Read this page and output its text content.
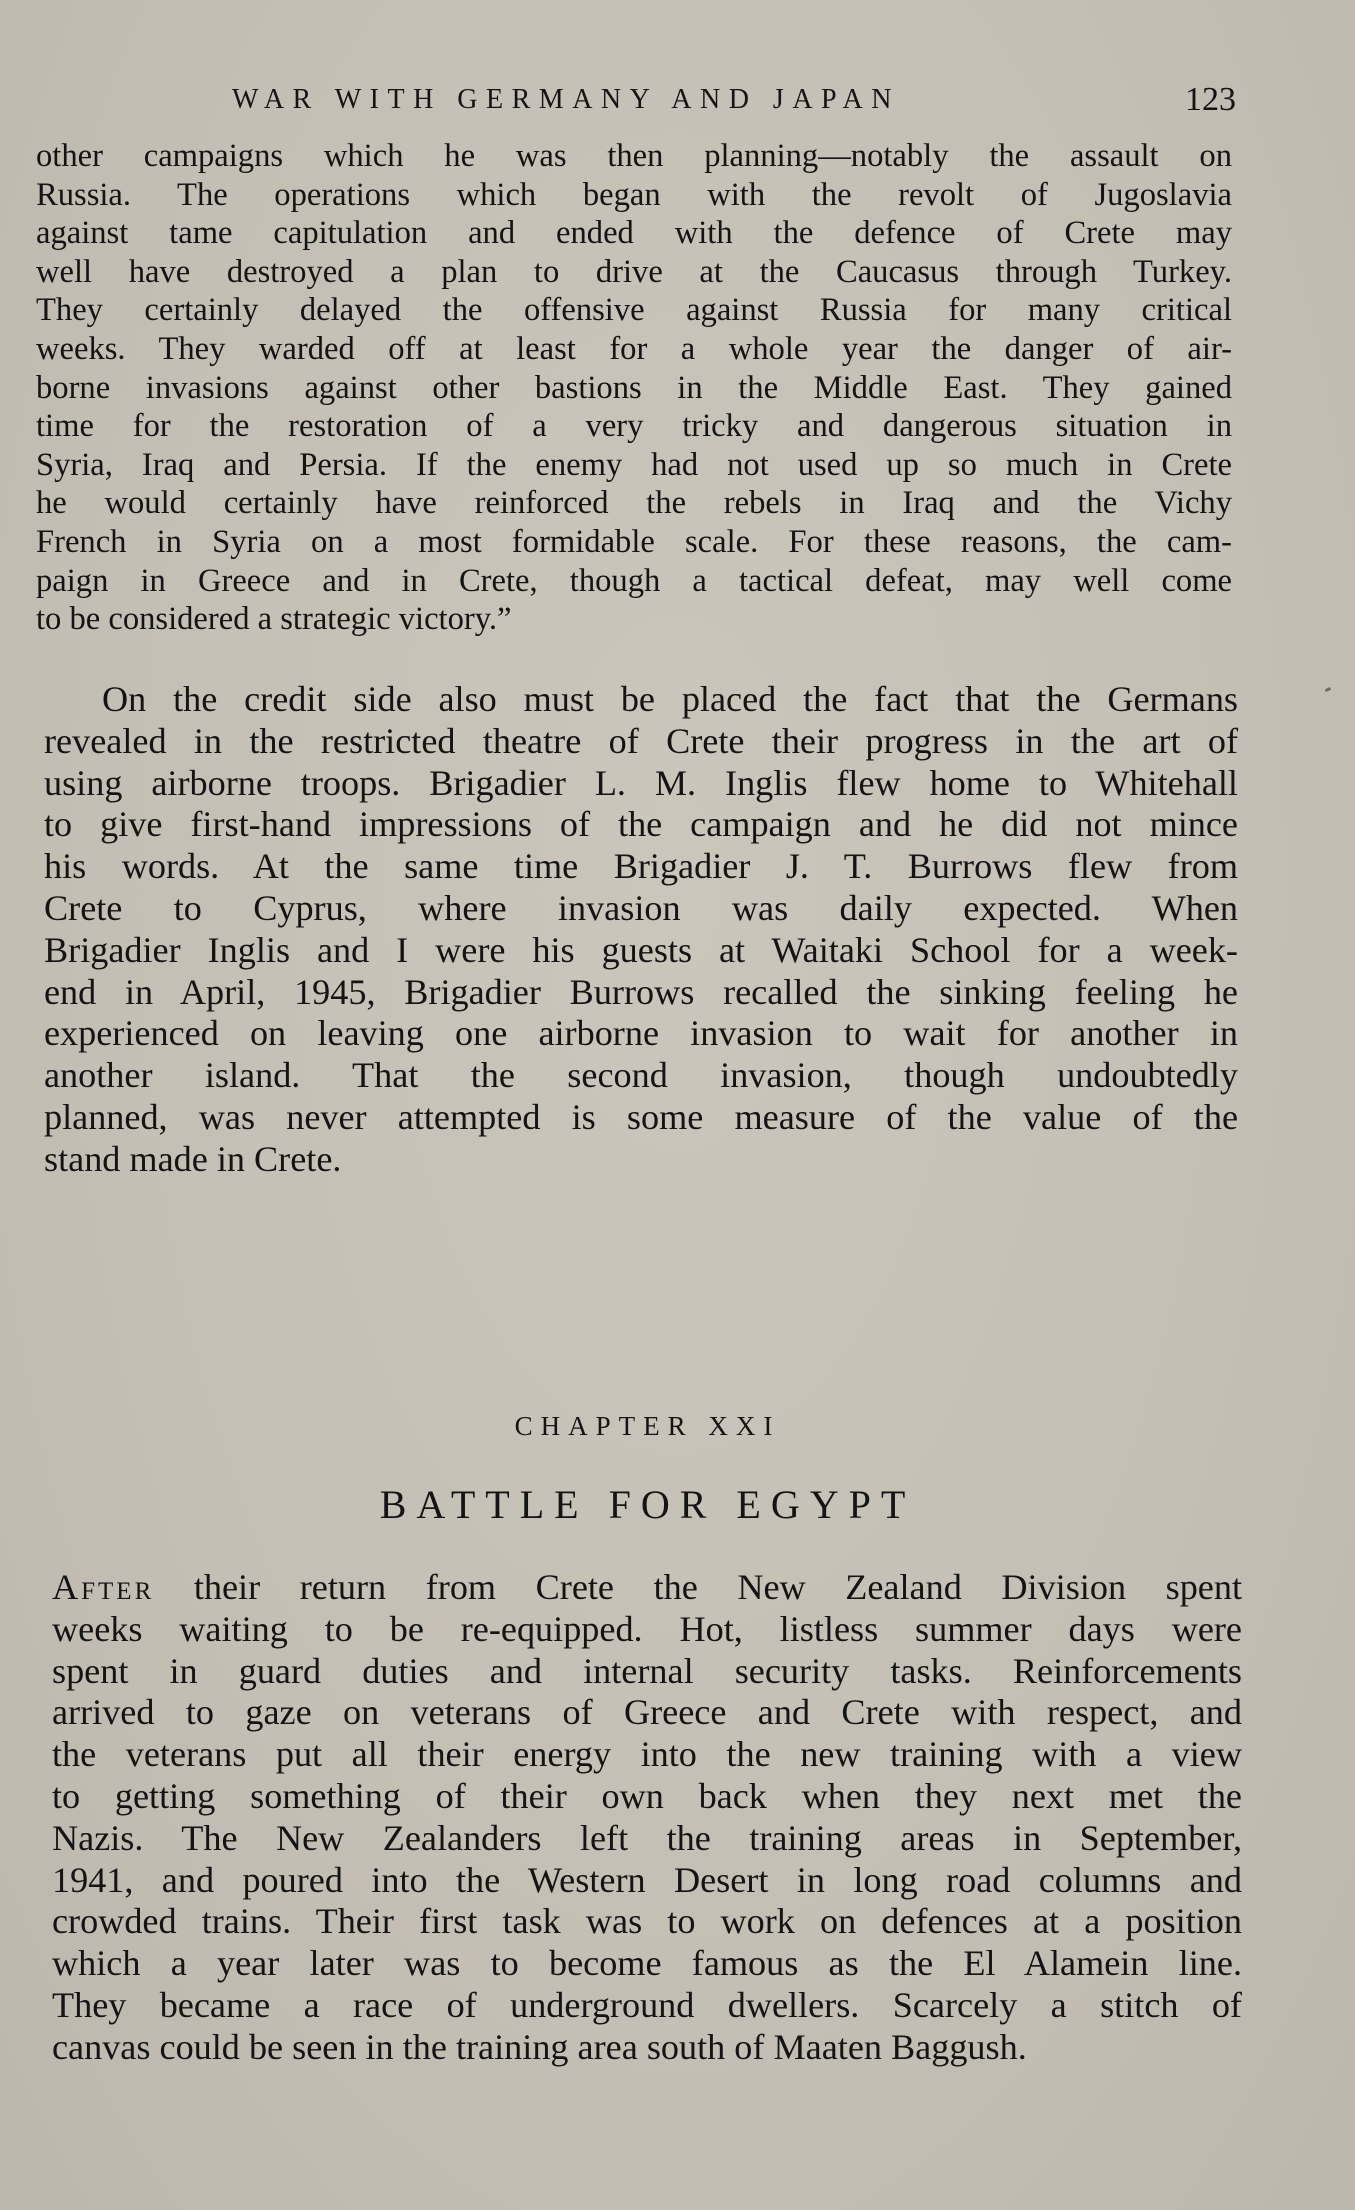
WAR WITH GERMANY AND JAPAN	123
other campaigns which he was then planning—notably the assault on
Russia. The operations which began with the revolt of Jugoslavia
against tame capitulation and ended with the defence of Crete may
well have destroyed a plan to drive at the Caucasus through Turkey.
They certainly delayed the offensive against Russia for many critical
weeks. They warded off at least for a whole year the danger of air-
borne invasions against other bastions in the Middle East. They gained
time for the restoration of a very tricky and dangerous situation in
Syria, Iraq and Persia. If the enemy had not used up so much in Crete
he would certainly have reinforced the rebels in Iraq and the Vichy
French in Syria on a most formidable scale. For these reasons, the cam-
paign in Greece and in Crete, though a tactical defeat, may well come
to be considered a strategic victory.”
On the credit side also must be placed the fact that the Germans
revealed in the restricted theatre of Crete their progress in the art of
using airborne troops. Brigadier L. M. Inglis flew home to Whitehall
to give first-hand impressions of the campaign and he did not mince
his words. At the same time Brigadier J. T. Burrows flew from
Crete to Cyprus, where invasion was daily expected. When
Brigadier Inglis and I were his guests at Waitaki School for a week-
end in April, 1945, Brigadier Burrows recalled the sinking feeling he
experienced on leaving one airborne invasion to wait for another in
another island. That the second invasion, though undoubtedly
planned, was never attempted is some measure of the value of the
stand made in Crete.
CHAPTER XXI
BATTLE FOR EGYPT
After their return from Crete the New Zealand Division spent
weeks waiting to be re-equipped. Hot, listless summer days were
spent in guard duties and internal security tasks. Reinforcements
arrived to gaze on veterans of Greece and Crete with respect, and
the veterans put all their energy into the new training with a view
to getting something of their own back when they next met the
Nazis. The New Zealanders left the training areas in September,
1941, and poured into the Western Desert in long road columns and
crowded trains. Their first task was to work on defences at a position
which a year later was to become famous as the El Alamein line.
They became a race of underground dwellers. Scarcely a stitch of
canvas could be seen in the training area south of Maaten Baggush.
